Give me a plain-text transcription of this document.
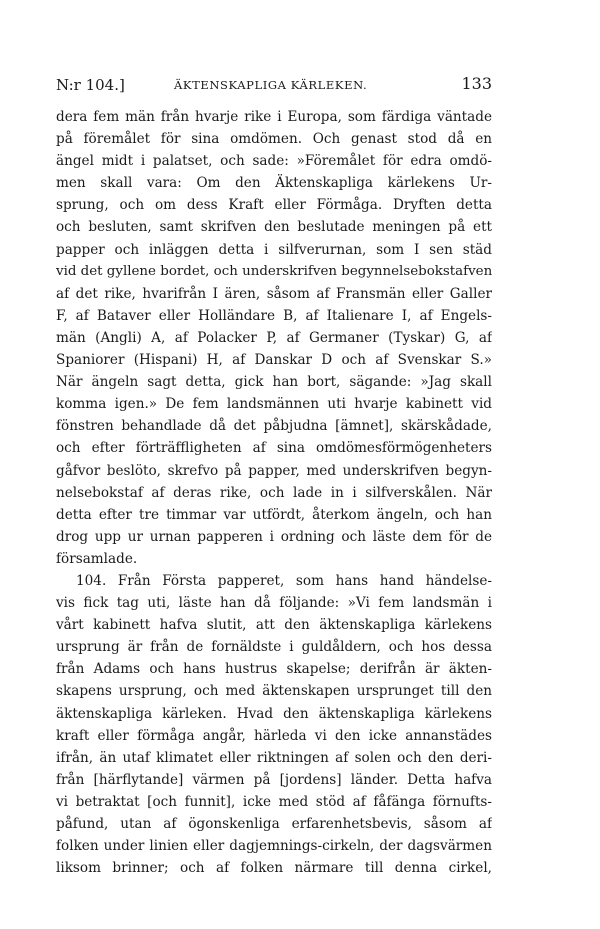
N:r 104.]	ÄKTENSKAPLIGA KÄRLEKEN.	133
dera fem män från hvarje rike i Europa, som färdiga väntade
på föremålet för sina omdömen. Och genast stod då en
ängel midt i palatset, och sade: »Föremålet för edra omdö-
men skall vara: Om den Äktenskapliga kärlekens Ur-
sprung, och om dess Kraft eller Förmåga. Dryften detta
och besluten, samt skrifven den beslutade meningen på ett
papper och inläggen detta i silfverurnan, som I sen städ
vid det gyllene bordet, och underskrifven begynnelsebokstafven
af det rike, hvarifrån I ären, såsom af Fransmän eller Galler
F, af Bataver eller Holländare B, af Italienare I, af Engels-
män (Angli) A, af Polacker P, af Germaner (Tyskar) G, af
Spaniorer (Hispani) H, af Danskar D och af Svenskar S.»
När ängeln sagt detta, gick han bort, sägande: »Jag skall
komma igen.» De fem landsmännen uti hvarje kabinett vid
fönstren behandlade då det påbjudna [ämnet], skärskådade,
och efter förträffligheten af sina omdömesförmögenheters
gåfvor beslöto, skrefvo på papper, med underskrifven begyn-
nelsebokstaf af deras rike, och lade in i silfverskålen. När
detta efter tre timmar var utfördt, återkom ängeln, och han
drog upp ur urnan papperen i ordning och läste dem för de
församlade.
104. Från Första papperet, som hans hand händelse-
vis fick tag uti, läste han då följande: »Vi fem landsmän i
vårt kabinett hafva slutit, att den äktenskapliga kärlekens
ursprung är från de fornäldste i guldåldern, och hos dessa
från Adams och hans hustrus skapelse; derifrån är äkten-
skapens ursprung, och med äktenskapen ursprunget till den
äktenskapliga kärleken. Hvad den äktenskapliga kärlekens
kraft eller förmåga angår, härleda vi den icke annanstädes
ifrån, än utaf klimatet eller riktningen af solen och den deri-
från [härflytande] värmen på [jordens] länder. Detta hafva
vi betraktat [och funnit], icke med stöd af fåfänga förnufts-
påfund, utan af ögonskenliga erfarenhetsbevis, såsom af
folken under linien eller dagjemnings-cirkeln, der dagsvärmen
liksom brinner; och af folken närmare till denna cirkel,
